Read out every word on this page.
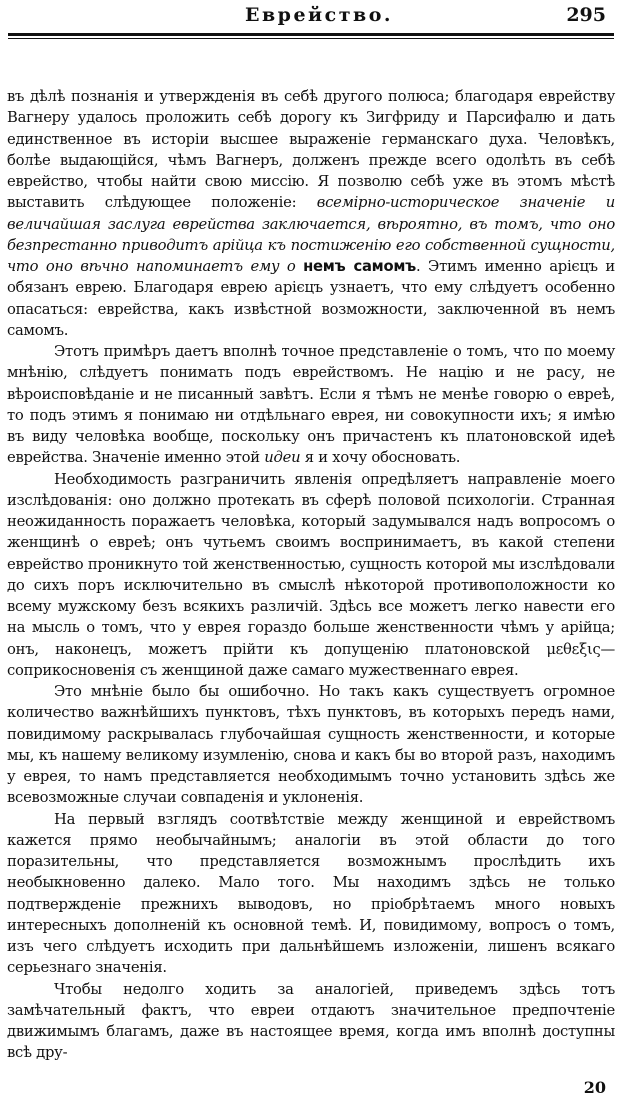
Еврейство.	295

въ дѣлѣ познанія и утвержденія въ себѣ другого полюса; благодаря еврейству Вагнеру удалось проложить себѣ дорогу къ Зигфриду и Парсифалю и дать единственное въ исторіи высшее выраженіе германскаго духа. Человѣкъ, болѣе выдающійся, чѣмъ Вагнеръ, долженъ прежде всего одолѣть въ себѣ еврейство, чтобы найти свою миссію. Я позволю себѣ уже въ этомъ мѣстѣ выставить слѣдующее положеніе: всемірно-историческое значеніе и величайшая заслуга еврейства заключается, вѣроятно, въ томъ, что оно безпрестанно приводитъ арійца къ постиженію его собственной сущности, что оно вѣчно напоминаетъ ему о немъ самомъ. Этимъ именно арієцъ и обязанъ еврею. Благодаря еврею арієцъ узнаетъ, что ему слѣдуетъ особенно опасаться: еврейства, какъ извѣстной возможности, заключенной въ немъ самомъ.

Этотъ примѣръ даетъ вполнѣ точное представленіе о томъ, что по моему мнѣнію, слѣдуетъ понимать подъ еврействомъ. Не націю и не расу, не вѣроисповѣданіе и не писанный завѣтъ. Если я тѣмъ не менѣе говорю о евреѣ, то подъ этимъ я понимаю ни отдѣльнаго еврея, ни совокупности ихъ; я имѣю въ виду человѣка вообще, поскольку онъ причастенъ къ платоновской идеѣ еврейства. Значеніе именно этой идеи я и хочу обосновать.

Необходимость разграничить явленія опредѣляетъ направленіе моего изслѣдованія: оно должно протекать въ сферѣ половой психологіи. Странная неожиданность поражаетъ человѣка, который задумывался надъ вопросомъ о женщинѣ о евреѣ; онъ чутьемъ своимъ воспринимаетъ, въ какой степени еврейство проникнуто той женственностью, сущность которой мы изслѣдовали до сихъ поръ исключительно въ смыслѣ нѣкоторой противоположности ко всему мужскому безъ всякихъ различій. Здѣсь все можетъ легко навести его на мысль о томъ, что у еврея гораздо больше женственности чѣмъ у арійца; онъ, наконецъ, можетъ прійти къ допущенію платоновской μεθεξις—соприкосновенія съ женщиной даже самаго мужественнаго еврея.

Это мнѣніе было бы ошибочно. Но такъ какъ существуетъ огромное количество важнѣйшихъ пунктовъ, тѣхъ пунктовъ, въ которыхъ передъ нами, повидимому раскрывалась глубочайшая сущность женственности, и которые мы, къ нашему великому изумленію, снова и какъ бы во второй разъ, находимъ у еврея, то намъ представляется необходимымъ точно установить здѣсь же всевозможные случаи совпаденія и уклоненія.

На первый взглядъ соотвѣтствіе между женщиной и еврействомъ кажется прямо необычайнымъ; аналогіи въ этой области до того поразительны, что представляется возможнымъ прослѣдить ихъ необыкновенно далеко. Мало того. Мы находимъ здѣсь не только подтвержденіе прежнихъ выводовъ, но пріобрѣтаемъ много новыхъ интересныхъ дополненій къ основной темѣ. И, повидимому, вопросъ о томъ, изъ чего слѣдуетъ исходить при дальнѣйшемъ изложеніи, лишенъ всякаго серьезнаго значенія.

Чтобы недолго ходить за аналогіей, приведемъ здѣсь тотъ замѣчательный фактъ, что евреи отдаютъ значительное предпочтеніе движимымъ благамъ, даже въ настоящее время, когда имъ вполнѣ доступны всѣ дру-

20
